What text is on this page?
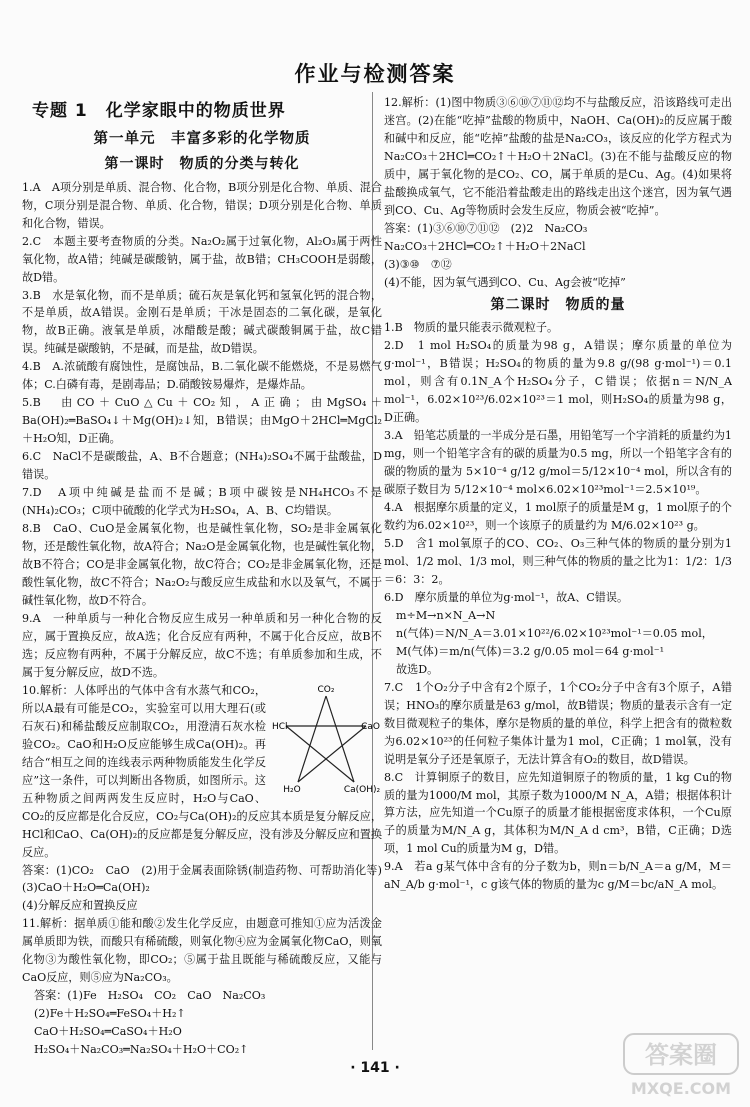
作业与检测答案
专题 1　化学家眼中的物质世界
第一单元　丰富多彩的化学物质
第一课时　物质的分类与转化
1.A　A项分别是单质、混合物、化合物，B项分别是化合物、单质、混合物，C项分别是混合物、单质、化合物，错误；D项分别是化合物、单质和化合物，错误。
2.C　本题主要考查物质的分类。Na₂O₂属于过氧化物，Al₂O₃属于两性氧化物，故A错；纯碱是碳酸钠，属于盐，故B错；CH₃COOH是弱酸，故D错。
3.B　水是氧化物，而不是单质；硫石灰是氧化钙和氢氧化钙的混合物，不是单质，故A错误。金刚石是单质；干冰是固态的二氧化碳，是氧化物，故B正确。液氧是单质，冰醋酸是酸；碱式碳酸铜属于盐，故C错误。纯碱是碳酸钠，不是碱，而是盐，故D错误。
4.B　A.浓硫酸有腐蚀性，是腐蚀品，B.二氧化碳不能燃烧，不是易燃气体；C.白磷有毒，是剧毒品；D.硝酸铵易爆炸，是爆炸品。
5.B　由CO＋CuO△Cu＋CO₂知，A正确；由MgSO₄＋Ba(OH)₂═BaSO₄↓＋Mg(OH)₂↓知，B错误；由MgO＋2HCl═MgCl₂＋H₂O知，D正确。
6.C　NaCl不是碳酸盐，A、B不合题意；(NH₄)₂SO₄不属于盐酸盐，D错误。
7.D　A项中纯碱是盐而不是碱；B项中碳铵是NH₄HCO₃不是(NH₄)₂CO₃；C项中硫酸的化学式为H₂SO₄，A、B、C均错误。
8.B　CaO、CuO是金属氧化物，也是碱性氧化物，SO₂是非金属氧化物，还是酸性氧化物，故A符合；Na₂O是金属氧化物，也是碱性氧化物，故B不符合；CO是非金属氧化物，故C符合；CO₂是非金属氧化物，还是酸性氧化物，故C不符合；Na₂O₂与酸反应生成盐和水以及氧气，不属于碱性氧化物，故D不符合。
9.A　一种单质与一种化合物反应生成另一种单质和另一种化合物的反应，属于置换反应，故A选；化合反应有两种，不属于化合反应，故B不选；反应物有两种，不属于分解反应，故C不选；有单质参加和生成，不属于复分解反应，故D不选。
CO₂
HCl	CaO
H₂O	Ca(OH)₂
10.解析：人体呼出的气体中含有水蒸气和CO₂，所以A最有可能是CO₂，实验室可以用大理石(或石灰石)和稀盐酸反应制取CO₂，用澄清石灰水检验CO₂。CaO和H₂O反应能够生成Ca(OH)₂。再结合“相互之间的连线表示两种物质能发生化学反应”这一条件，可以判断出各物质，如图所示。这五种物质之间两两发生反应时，H₂O与CaO、CO₂的反应都是化合反应，CO₂与Ca(OH)₂的反应其本质是复分解反应，HCl和CaO、Ca(OH)₂的反应都是复分解反应，没有涉及分解反应和置换反应。
答案：(1)CO₂　CaO　(2)用于金属表面除锈(制造药物、可帮助消化等)　(3)CaO＋H₂O═Ca(OH)₂
(4)分解反应和置换反应
11.解析：据单质①能和酸②发生化学反应，由题意可推知①应为活泼金属单质即为铁，而酸只有稀硫酸，则氧化物④应为金属氧化物CaO，则氧化物③为酸性氧化物，即CO₂；⑤属于盐且既能与稀硫酸反应，又能与CaO反应，则⑤应为Na₂CO₃。
答案：(1)Fe　H₂SO₄　CO₂　CaO　Na₂CO₃
(2)Fe＋H₂SO₄═FeSO₄＋H₂↑
CaO＋H₂SO₄═CaSO₄＋H₂O
H₂SO₄＋Na₂CO₃═Na₂SO₄＋H₂O＋CO₂↑
12.解析：(1)图中物质③⑥⑩⑦⑪⑫均不与盐酸反应，沿该路线可走出迷宫。(2)在能“吃掉”盐酸的物质中，NaOH、Ca(OH)₂的反应属于酸和碱中和反应，能“吃掉”盐酸的盐是Na₂CO₃，该反应的化学方程式为Na₂CO₃＋2HCl═CO₂↑＋H₂O＋2NaCl。(3)在不能与盐酸反应的物质中，属于氧化物的是CO₂、CO，属于单质的是Cu、Ag。(4)如果将盐酸换成氧气，它不能沿着盐酸走出的路线走出这个迷宫，因为氧气遇到CO、Cu、Ag等物质时会发生反应，物质会被“吃掉”。
答案：(1)③⑥⑩⑦⑪⑫　(2)2　Na₂CO₃
Na₂CO₃＋2HCl═CO₂↑＋H₂O＋2NaCl
(3)③⑩　⑦⑫
(4)不能，因为氧气遇到CO、Cu、Ag会被“吃掉”
第二课时　物质的量
1.B　物质的量只能表示微观粒子。
2.D　1 mol H₂SO₄的质量为98 g，A错误；摩尔质量的单位为g·mol⁻¹，B错误；H₂SO₄的物质的量为9.8 g/(98 g·mol⁻¹)＝0.1 mol，则含有0.1N_A个H₂SO₄分子，C错误；依据n＝N/N_A mol⁻¹，6.02×10²³/6.02×10²³＝1 mol，则H₂SO₄的质量为98 g，D正确。
3.A　铅笔芯质量的一半成分是石墨，用铅笔写一个字消耗的质量约为1 mg，则一个铅笔字含有的碳的质量为0.5 mg，所以一个铅笔字含有的碳的物质的量为 5×10⁻⁴ g/12 g/mol＝5/12×10⁻⁴ mol，所以含有的碳原子数目为 5/12×10⁻⁴ mol×6.02×10²³mol⁻¹＝2.5×10¹⁹。
4.A　根据摩尔质量的定义，1 mol原子的质量是M g，1 mol原子的个数约为6.02×10²³，则一个该原子的质量约为 M/6.02×10²³ g。
5.D　含1 mol氧原子的CO、CO₂、O₃三种气体的物质的量分别为1 mol、1/2 mol、1/3 mol，则三种气体的物质的量之比为1：1/2：1/3＝6：3：2。
6.D　摩尔质量的单位为g·mol⁻¹，故A、C错误。
m÷M→n×N_A→N
n(气体)＝N/N_A＝3.01×10²²/6.02×10²³mol⁻¹＝0.05 mol，
M(气体)＝m/n(气体)＝3.2 g/0.05 mol＝64 g·mol⁻¹
故选D。
7.C　1个O₂分子中含有2个原子，1个CO₂分子中含有3个原子，A错误；HNO₃的摩尔质量是63 g/mol，故B错误；物质的量表示含有一定数目微观粒子的集体，摩尔是物质的量的单位，科学上把含有的微粒数为6.02×10²³的任何粒子集体计量为1 mol，C正确；1 mol氧，没有说明是氧分子还是氧原子，无法计算含有O₂的数目，故D错误。
8.C　计算铜原子的数目，应先知道铜原子的物质的量，1 kg Cu的物质的量为1000/M mol，其原子数为1000/M N_A，A错；根据体积计算方法，应先知道一个Cu原子的质量才能根据密度求体积，一个Cu原子的质量为M/N_A g，其体积为M/N_A d cm³，B错，C正确；D选项，1 mol Cu的质量为M g，D错。
9.A　若a g某气体中含有的分子数为b，则n＝b/N_A＝a g/M，M＝aN_A/b g·mol⁻¹，c g该气体的物质的量为c g/M＝bc/aN_A mol。
· 141 ·	答案圈
MXQE.COM
